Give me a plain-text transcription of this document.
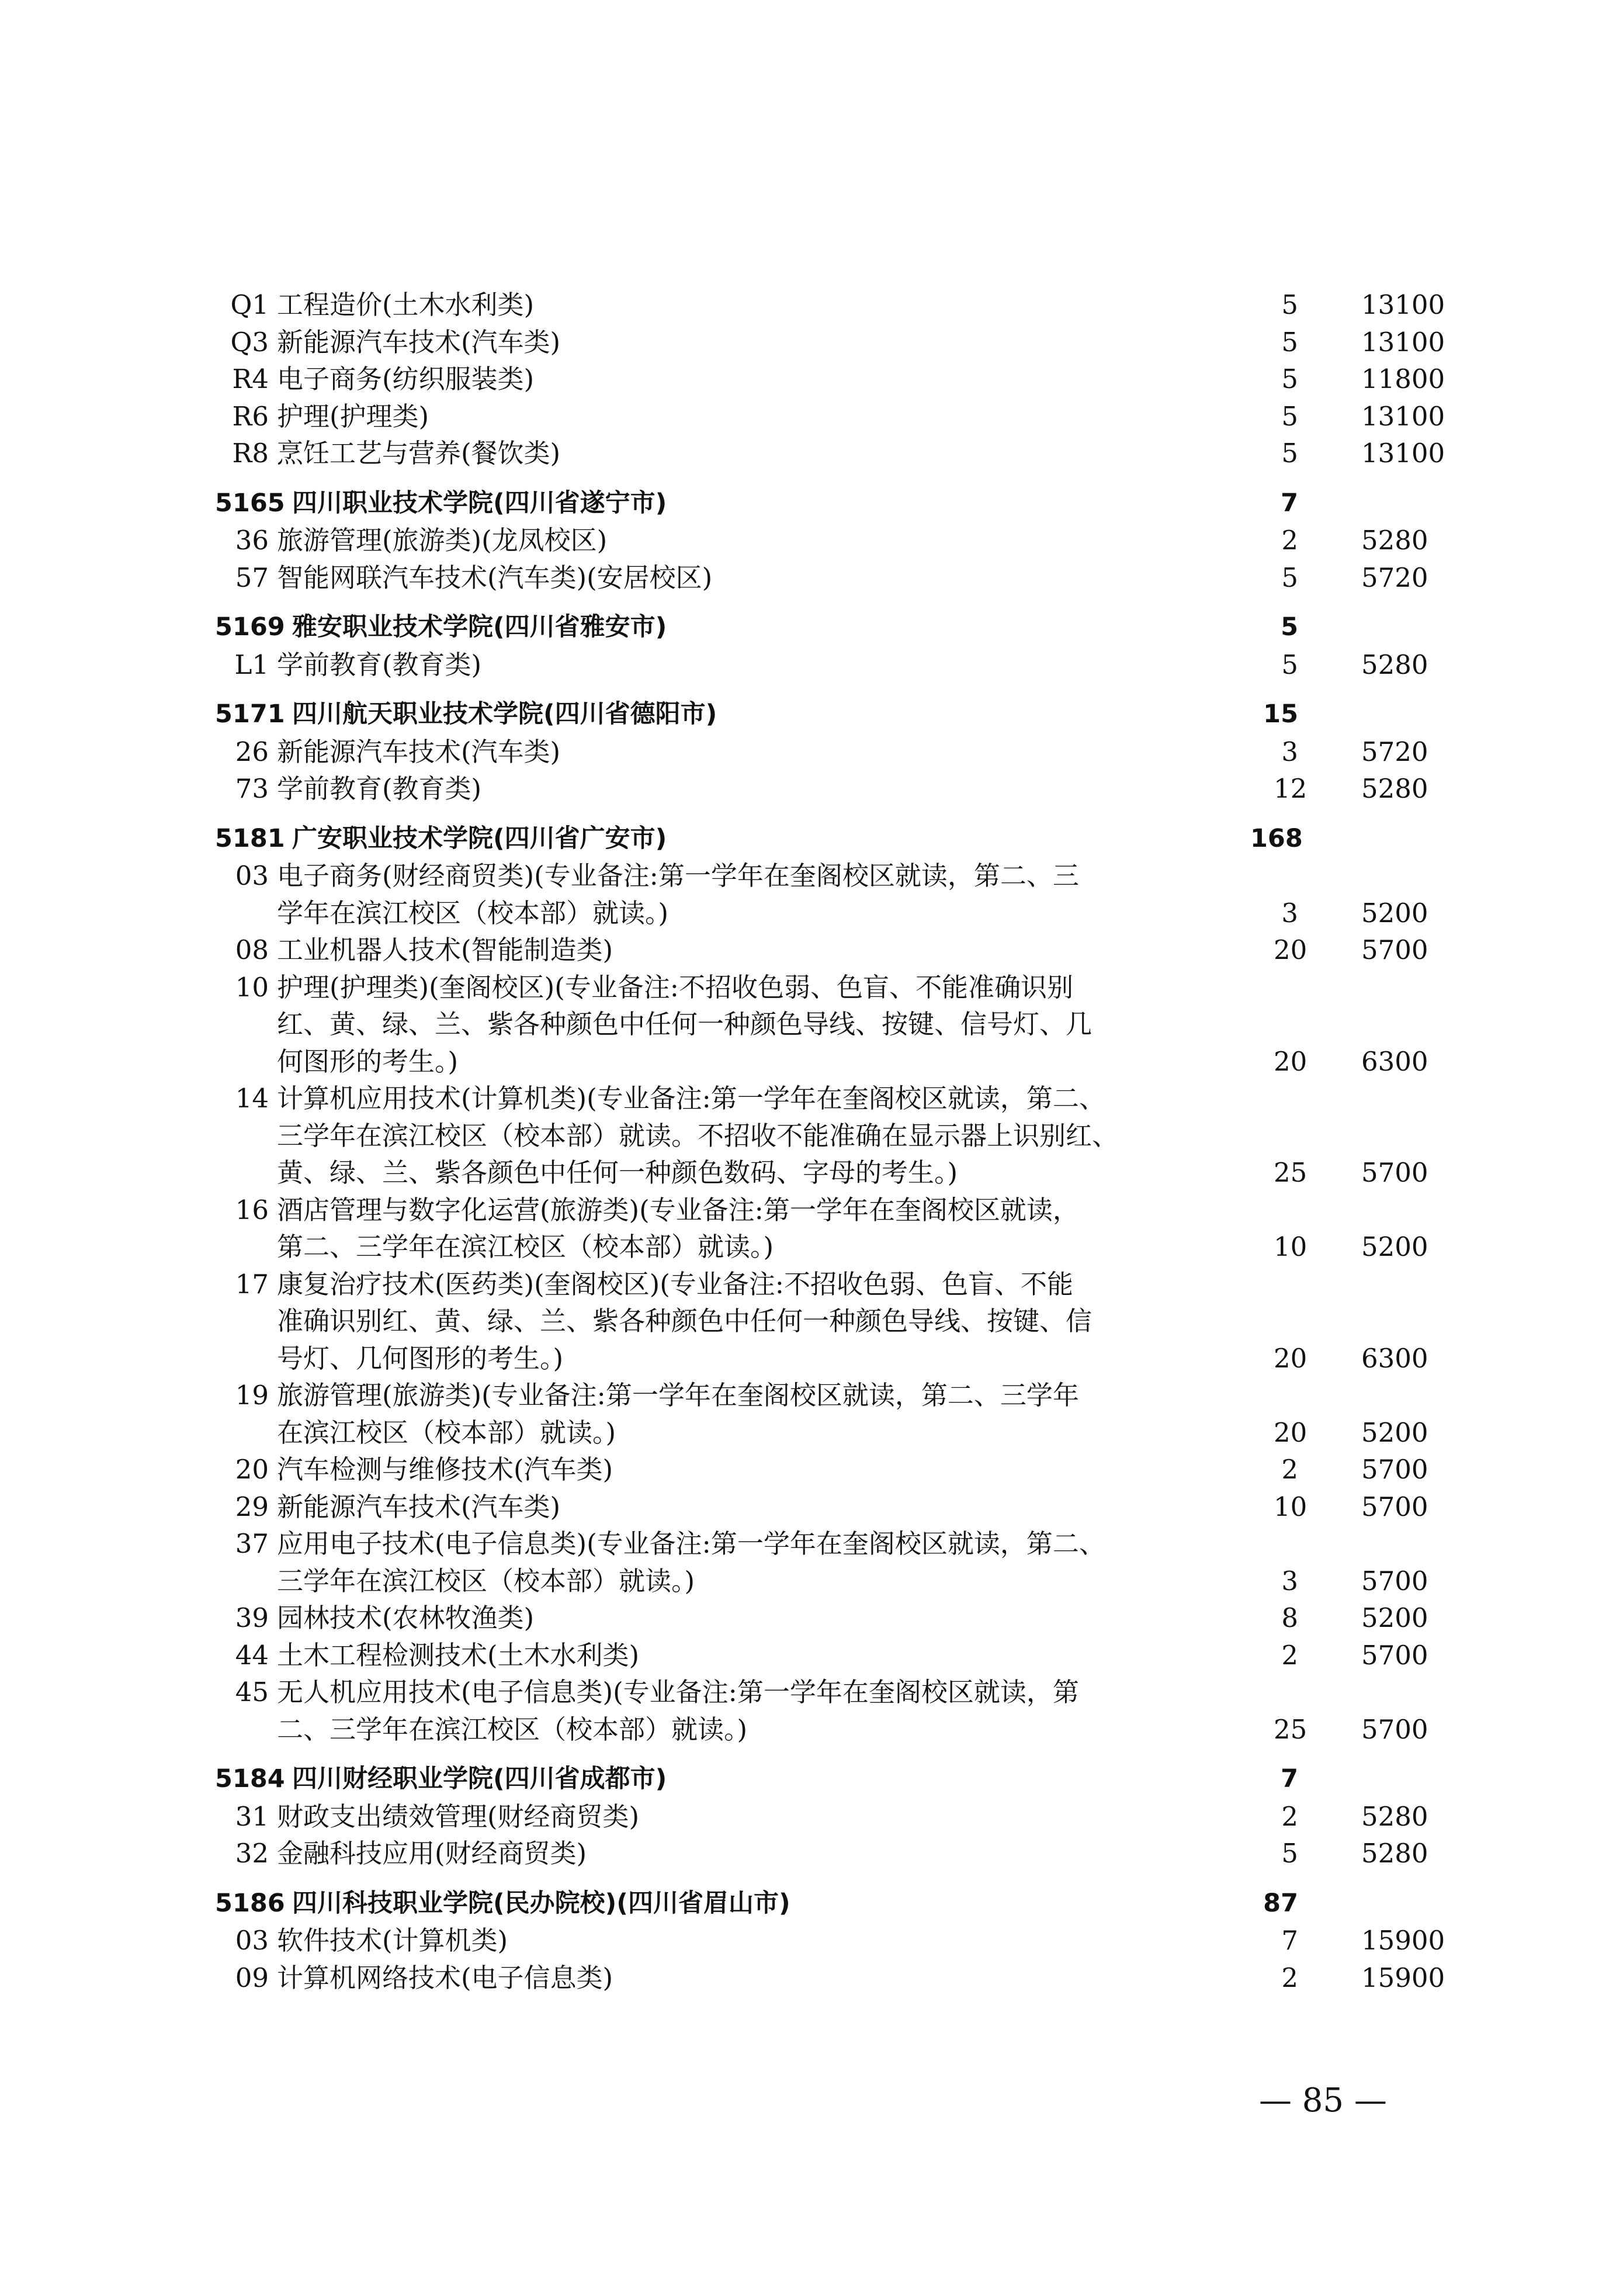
Q1 工程造价(土木水利类)	5 13100
Q3 新能源汽车技术(汽车类)	5 13100
R4 电子商务(纺织服装类)	5 11800
R6 护理(护理类)	5 13100
R8 烹饪工艺与营养(餐饮类)	5 13100
5165 四川职业技术学院(四川省遂宁市)	7
36 旅游管理(旅游类)(龙凤校区)	2 5280
57 智能网联汽车技术(汽车类)(安居校区)	5 5720
5169 雅安职业技术学院(四川省雅安市)	5
L1 学前教育(教育类)	5 5280
5171 四川航天职业技术学院(四川省德阳市)	15
26 新能源汽车技术(汽车类)	3 5720
73 学前教育(教育类)	12 5280
5181 广安职业技术学院(四川省广安市)	168
03 电子商务(财经商贸类)(专业备注:第一学年在奎阁校区就读，第二、三
学年在滨江校区（校本部）就读。)	3 5200
08 工业机器人技术(智能制造类)	20 5700
10 护理(护理类)(奎阁校区)(专业备注:不招收色弱、色盲、不能准确识别
红、黄、绿、兰、紫各种颜色中任何一种颜色导线、按键、信号灯、几
何图形的考生。)	20 6300
14 计算机应用技术(计算机类)(专业备注:第一学年在奎阁校区就读，第二、
三学年在滨江校区（校本部）就读。不招收不能准确在显示器上识别红、
黄、绿、兰、紫各颜色中任何一种颜色数码、字母的考生。)	25 5700
16 酒店管理与数字化运营(旅游类)(专业备注:第一学年在奎阁校区就读，
第二、三学年在滨江校区（校本部）就读。)	10 5200
17 康复治疗技术(医药类)(奎阁校区)(专业备注:不招收色弱、色盲、不能
准确识别红、黄、绿、兰、紫各种颜色中任何一种颜色导线、按键、信
号灯、几何图形的考生。)	20 6300
19 旅游管理(旅游类)(专业备注:第一学年在奎阁校区就读，第二、三学年
在滨江校区（校本部）就读。)	20 5200
20 汽车检测与维修技术(汽车类)	2 5700
29 新能源汽车技术(汽车类)	10 5700
37 应用电子技术(电子信息类)(专业备注:第一学年在奎阁校区就读，第二、
三学年在滨江校区（校本部）就读。)	3 5700
39 园林技术(农林牧渔类)	8 5200
44 土木工程检测技术(土木水利类)	2 5700
45 无人机应用技术(电子信息类)(专业备注:第一学年在奎阁校区就读，第
二、三学年在滨江校区（校本部）就读。)	25 5700
5184 四川财经职业学院(四川省成都市)	7
31 财政支出绩效管理(财经商贸类)	2 5280
32 金融科技应用(财经商贸类)	5 5280
5186 四川科技职业学院(民办院校)(四川省眉山市)	87
03 软件技术(计算机类)	7 15900
09 计算机网络技术(电子信息类)	2 15900
— 85 —
